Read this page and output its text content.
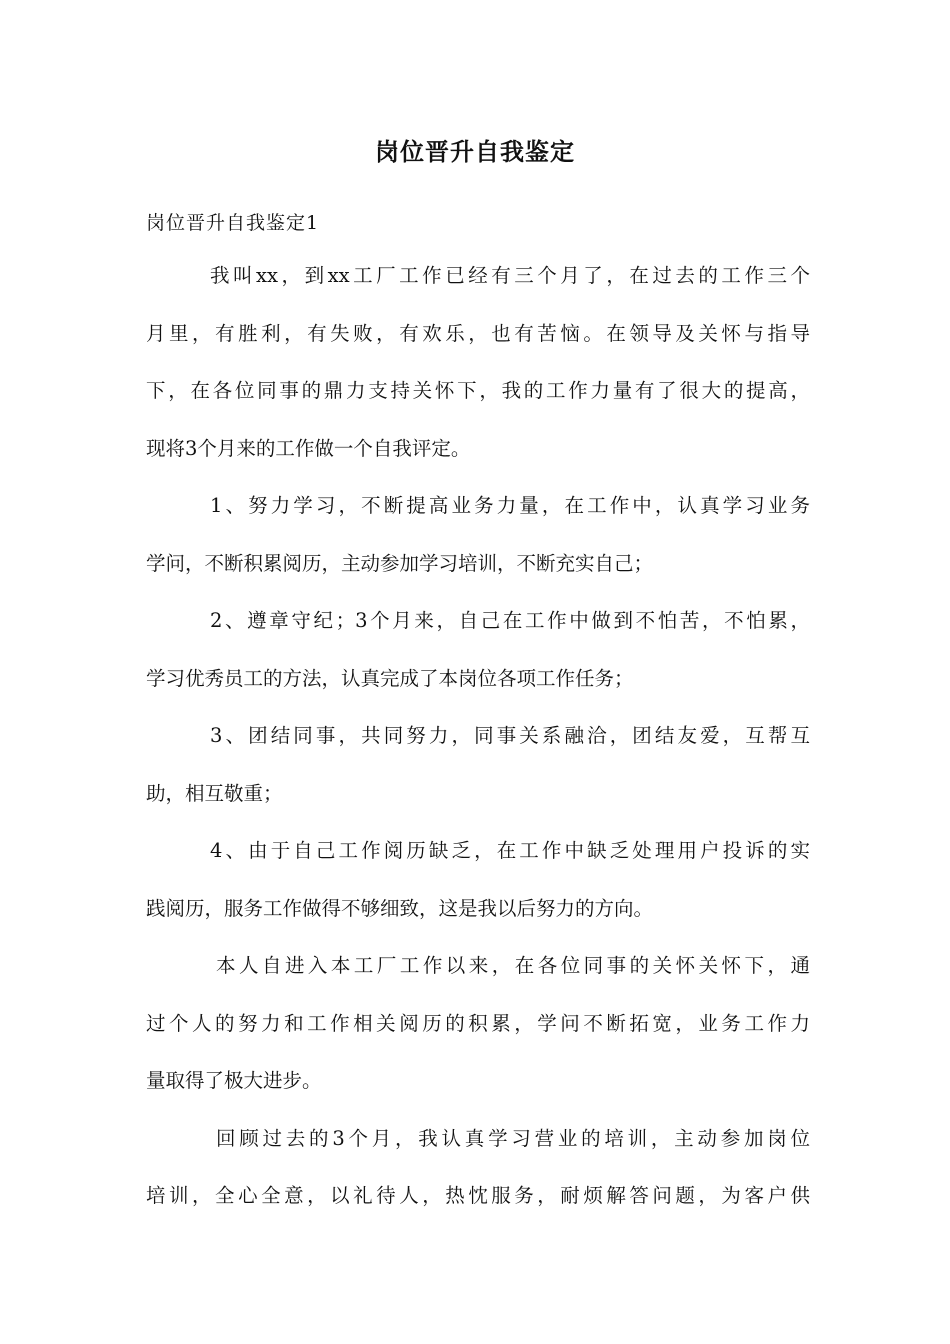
岗位晋升自我鉴定
岗位晋升自我鉴定1
我叫xx，到xx工厂工作已经有三个月了，在过去的工作三个
月里，有胜利，有失败，有欢乐，也有苦恼。在领导及关怀与指导
下，在各位同事的鼎力支持关怀下，我的工作力量有了很大的提高，
现将3个月来的工作做一个自我评定。
1、努力学习，不断提高业务力量，在工作中，认真学习业务
学问，不断积累阅历，主动参加学习培训，不断充实自己；
2、遵章守纪；3个月来，自己在工作中做到不怕苦，不怕累，
学习优秀员工的方法，认真完成了本岗位各项工作任务；
3、团结同事，共同努力，同事关系融洽，团结友爱，互帮互
助，相互敬重；
4、由于自己工作阅历缺乏，在工作中缺乏处理用户投诉的实
践阅历，服务工作做得不够细致，这是我以后努力的方向。
本人自进入本工厂工作以来，在各位同事的关怀关怀下，通
过个人的努力和工作相关阅历的积累，学问不断拓宽，业务工作力
量取得了极大进步。
回顾过去的3个月，我认真学习营业的培训，主动参加岗位
培训，全心全意，以礼待人，热忱服务，耐烦解答问题，为客户供
